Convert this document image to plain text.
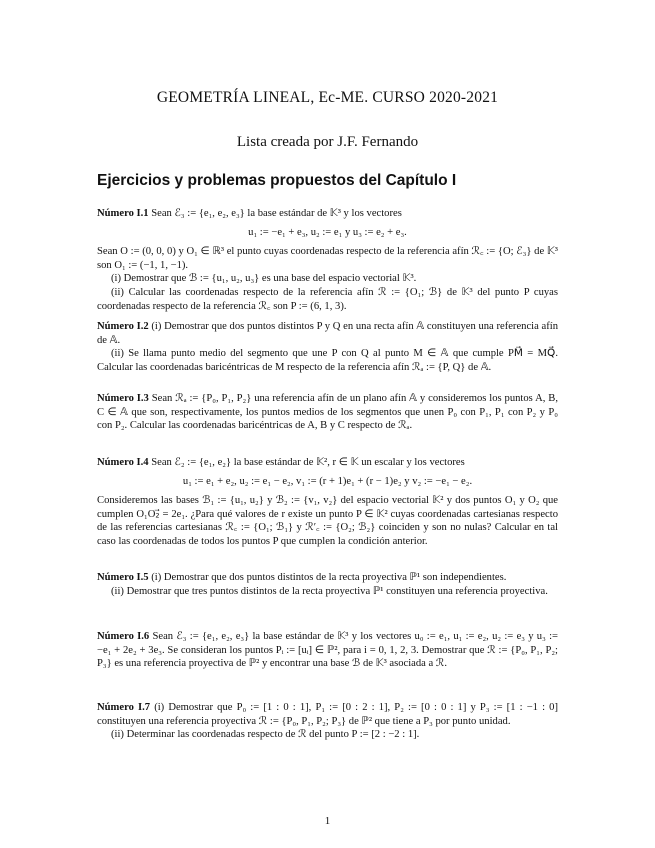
GEOMETRÍA LINEAL, Ec-ME. CURSO 2020-2021
Lista creada por J.F. Fernando
Ejercicios y problemas propuestos del Capítulo I

Número I.1 Sean ℰ₃ := {e₁, e₂, e₃} la base estándar de 𝕂³ y los vectores

u₁ := −e₁ + e₃, u₂ := e₁ y u₃ := e₂ + e₃.

Sean O := (0, 0, 0) y O₁ ∈ ℝ³ el punto cuyas coordenadas respecto de la referencia afín ℛ꜀ := {O; ℰ₃} de 𝕂³ son O₁ := (−1, 1, −1).

(i) Demostrar que ℬ := {u₁, u₂, u₃} es una base del espacio vectorial 𝕂³.

(ii) Calcular las coordenadas respecto de la referencia afín ℛ := {O₁; ℬ} de 𝕂³ del punto P cuyas coordenadas respecto de la referencia ℛ꜀ son P := (6, 1, 3).

Número I.2 (i) Demostrar que dos puntos distintos P y Q en una recta afín 𝔸 constituyen una referencia afín de 𝔸.

(ii) Se llama punto medio del segmento que une P con Q al punto M ∈ 𝔸 que cumple PM⃗ = MQ⃗. Calcular las coordenadas baricéntricas de M respecto de la referencia afín ℛₐ := {P, Q} de 𝔸.

Número I.3 Sean ℛₐ := {P₀, P₁, P₂} una referencia afín de un plano afín 𝔸 y consideremos los puntos A, B, C ∈ 𝔸 que son, respectivamente, los puntos medios de los segmentos que unen P₀ con P₁, P₁ con P₂ y P₀ con P₂. Calcular las coordenadas baricéntricas de A, B y C respecto de ℛₐ.

Número I.4 Sean ℰ₂ := {e₁, e₂} la base estándar de 𝕂², r ∈ 𝕂 un escalar y los vectores

u₁ := e₁ + e₂, u₂ := e₁ − e₂, v₁ := (r + 1)e₁ + (r − 1)e₂ y v₂ := −e₁ − e₂.

Consideremos las bases ℬ₁ := {u₁, u₂} y ℬ₂ := {v₁, v₂} del espacio vectorial 𝕂² y dos puntos O₁ y O₂ que cumplen O₁O₂⃗ = 2e₁. ¿Para qué valores de r existe un punto P ∈ 𝕂² cuyas coordenadas cartesianas respecto de las referencias cartesianas ℛ꜀ := {O₁; ℬ₁} y ℛ′꜀ := {O₂; ℬ₂} coinciden y son no nulas? Calcular en tal caso las coordenadas de todos los puntos P que cumplen la condición anterior.

Número I.5 (i) Demostrar que dos puntos distintos de la recta proyectiva ℙ¹ son independientes.

(ii) Demostrar que tres puntos distintos de la recta proyectiva ℙ¹ constituyen una referencia proyectiva.

Número I.6 Sean ℰ₃ := {e₁, e₂, e₃} la base estándar de 𝕂³ y los vectores u₀ := e₁, u₁ := e₂, u₂ := e₃ y u₃ := −e₁ + 2e₂ + 3e₃. Se consideran los puntos Pᵢ := [uᵢ] ∈ ℙ², para i = 0, 1, 2, 3. Demostrar que ℛ := {P₀, P₁, P₂; P₃} es una referencia proyectiva de ℙ² y encontrar una base ℬ de 𝕂³ asociada a ℛ.

Número I.7 (i) Demostrar que P₀ := [1 : 0 : 1], P₁ := [0 : 2 : 1], P₂ := [0 : 0 : 1] y P₃ := [1 : −1 : 0] constituyen una referencia proyectiva ℛ := {P₀, P₁, P₂; P₃} de ℙ² que tiene a P₃ por punto unidad.

(ii) Determinar las coordenadas respecto de ℛ del punto P := [2 : −2 : 1].

1
